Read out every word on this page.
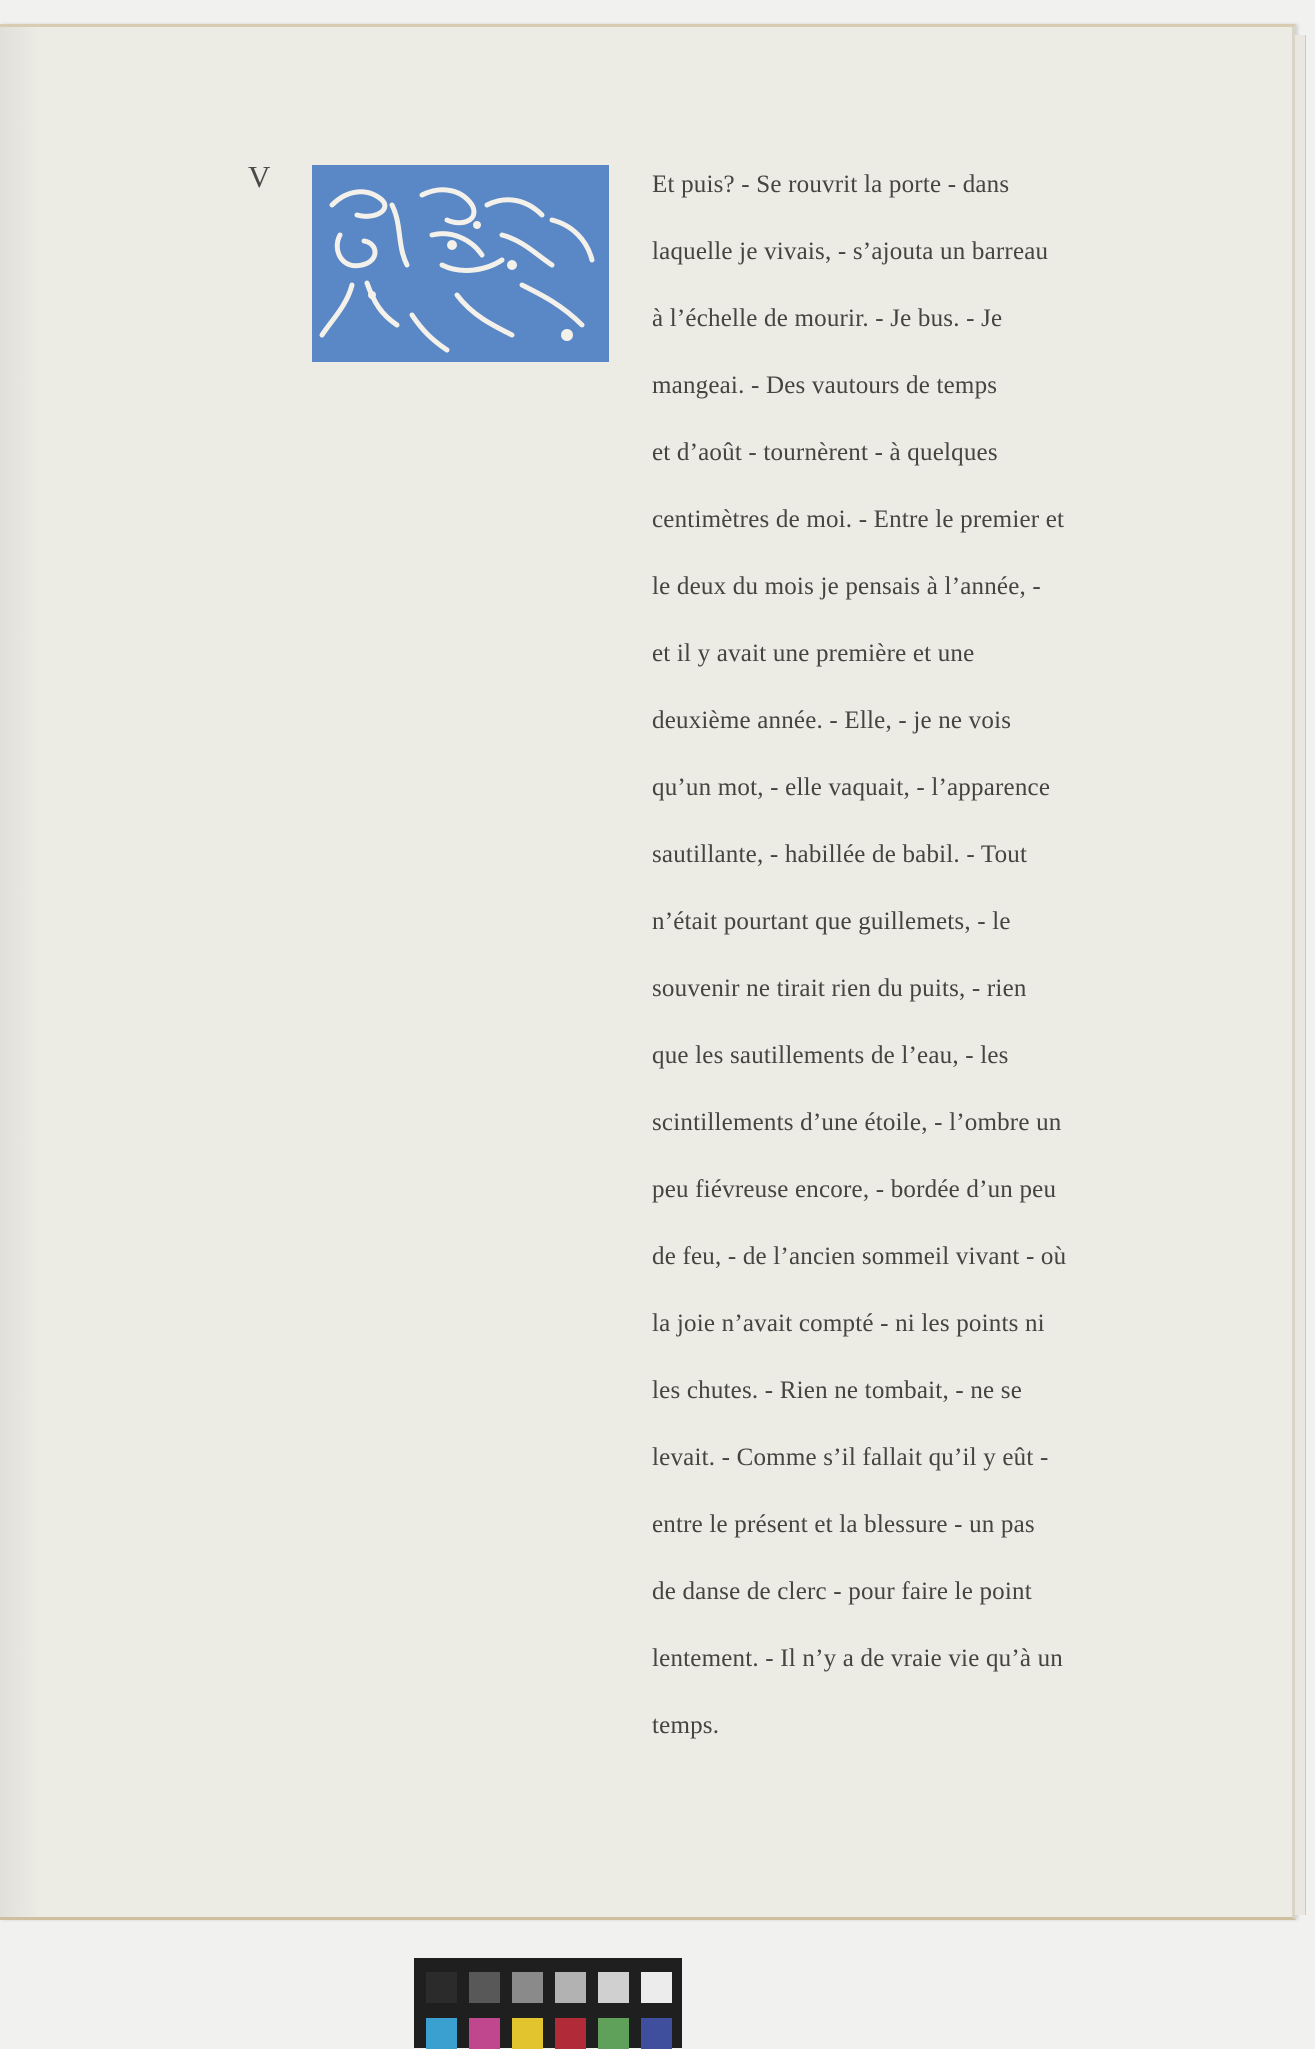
V	Et puis? - Se rouvrit la porte - dans
laquelle je vivais, - s’ajouta un barreau
à l’échelle de mourir. - Je bus. - Je
mangeai. - Des vautours de temps
et d’août - tournèrent - à quelques
centimètres de moi. - Entre le premier et
le deux du mois je pensais à l’année, -
et il y avait une première et une
deuxième année. - Elle, - je ne vois
qu’un mot, - elle vaquait, - l’apparence
sautillante, - habillée de babil. - Tout
n’était pourtant que guillemets, - le
souvenir ne tirait rien du puits, - rien
que les sautillements de l’eau, - les
scintillements d’une étoile, - l’ombre un
peu fiévreuse encore, - bordée d’un peu
de feu, - de l’ancien sommeil vivant - où
la joie n’avait compté - ni les points ni
les chutes. - Rien ne tombait, - ne se
levait. - Comme s’il fallait qu’il y eût -
entre le présent et la blessure - un pas
de danse de clerc - pour faire le point
lentement. - Il n’y a de vraie vie qu’à un
temps.
